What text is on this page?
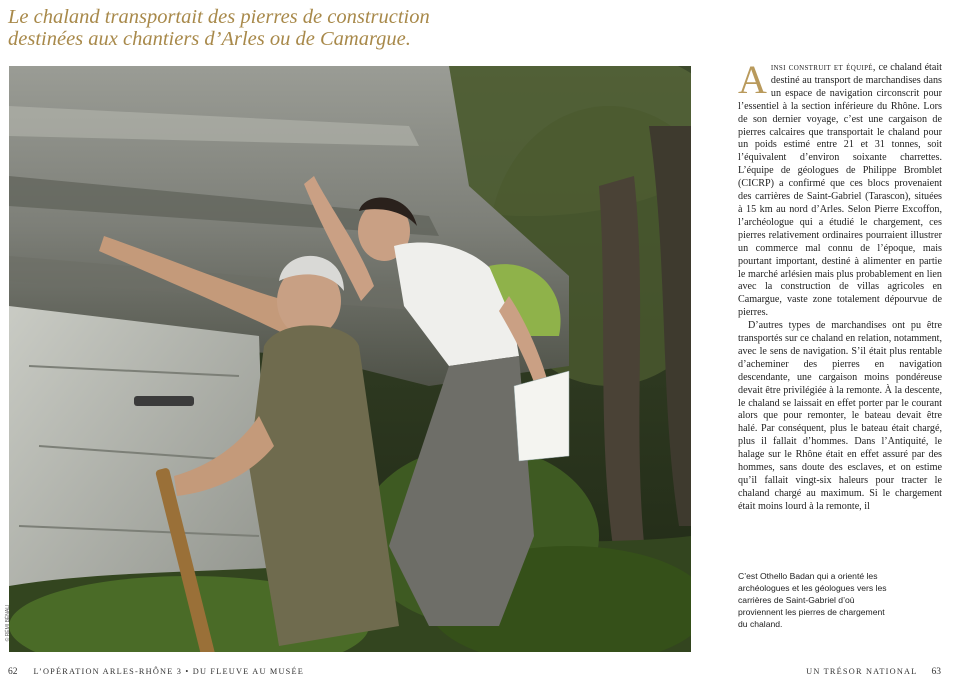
Le chaland transportait des pierres de construction
destinées aux chantiers d’Arles ou de Camargue.
© RÉMI BÉNALI

Ainsi construit et équipé, ce chaland était destiné au transport de marchandises dans un espace de navigation circonscrit pour l’essentiel à la section inférieure du Rhône. Lors de son dernier voyage, c’est une cargaison de pierres calcaires que transportait le chaland pour un poids estimé entre 21 et 31 tonnes, soit l’équivalent d’environ soixante charrettes. L’équipe de géologues de Philippe Bromblet (CICRP) a confirmé que ces blocs provenaient des carrières de Saint-Gabriel (Tarascon), situées à 15 km au nord d’Arles. Selon Pierre Excoffon, l’archéologue qui a étudié le chargement, ces pierres relativement ordinaires pourraient illustrer un commerce mal connu de l’époque, mais pourtant important, destiné à alimenter en partie le marché arlésien mais plus probablement en lien avec la construction de villas agricoles en Camargue, vaste zone totalement dépourvue de pierres.

D’autres types de marchandises ont pu être transportés sur ce chaland en relation, notamment, avec le sens de navigation. S’il était plus rentable d’acheminer des pierres en navigation descendante, une cargaison moins pondéreuse devait être privilégiée à la remonte. À la descente, le chaland se laissait en effet porter par le courant alors que pour remonter, le bateau devait être halé. Par conséquent, plus le bateau était chargé, plus il fallait d’hommes. Dans l’Antiquité, le halage sur le Rhône était en effet assuré par des hommes, sans doute des esclaves, et on estime qu’il fallait vingt-six haleurs pour tracter le chaland chargé au maximum. Si le chargement était moins lourd à la remonte, il

C’est Othello Badan qui a orienté les archéologues et les géologues vers les carrières de Saint-Gabriel d’où proviennent les pierres de chargement du chaland.
62 L’OPÉRATION ARLES-RHÔNE 3 • DU FLEUVE AU MUSÉE	UN TRÉSOR NATIONAL 63
